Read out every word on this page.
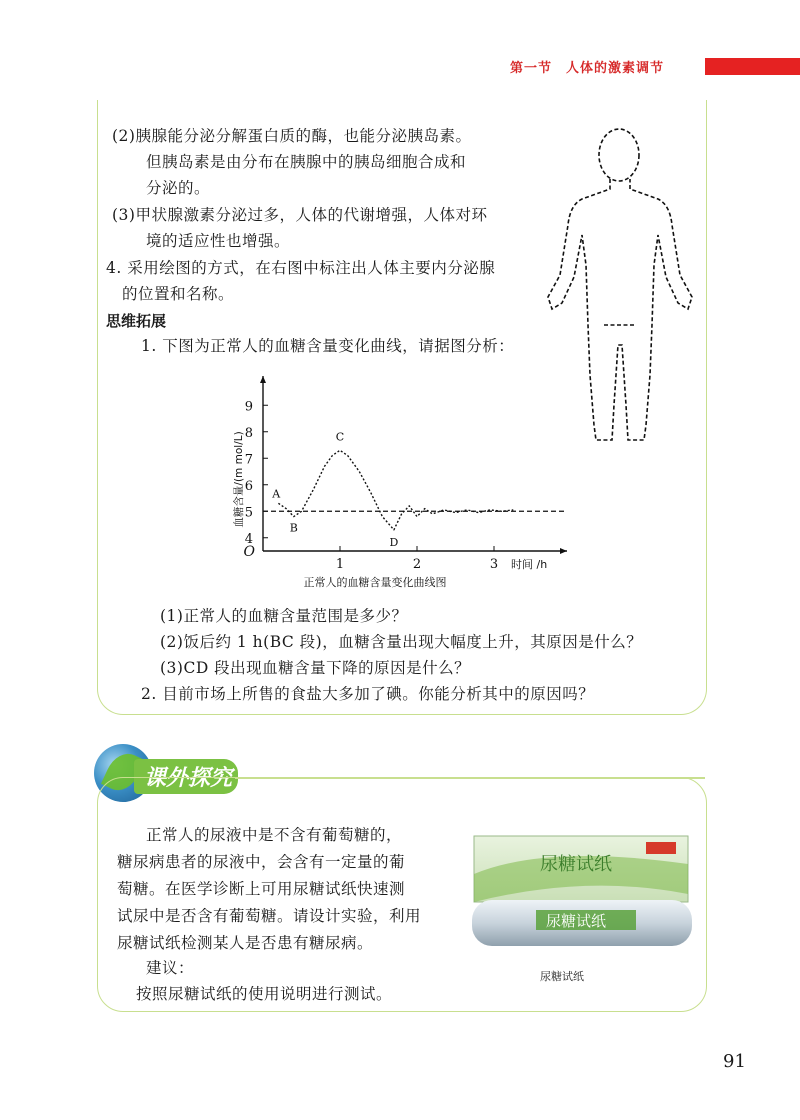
第一节　人体的激素调节
(2)胰腺能分泌分解蛋白质的酶，也能分泌胰岛素。
但胰岛素是由分布在胰腺中的胰岛细胞合成和
分泌的。
(3)甲状腺激素分泌过多，人体的代谢增强，人体对环
境的适应性也增强。
4. 采用绘图的方式，在右图中标注出人体主要内分泌腺
的位置和名称。
思维拓展
1. 下图为正常人的血糖含量变化曲线，请据图分析：
4
5
6
7
8
9
1	2	3
O
时间 /h
血糖含量/(m mol/L) A
B
C
D
正常人的血糖含量变化曲线图
(1)正常人的血糖含量范围是多少？
(2)饭后约 1 h(BC 段)，血糖含量出现大幅度上升，其原因是什么？
(3)CD 段出现血糖含量下降的原因是什么？
2. 目前市场上所售的食盐大多加了碘。你能分析其中的原因吗？
课外探究
正常人的尿液中是不含有葡萄糖的，
糖尿病患者的尿液中，会含有一定量的葡
萄糖。在医学诊断上可用尿糖试纸快速测
试尿中是否含有葡萄糖。请设计实验，利用
尿糖试纸检测某人是否患有糖尿病。
建议：
按照尿糖试纸的使用说明进行测试。
尿糖试纸
尿糖试纸
尿糖试纸
91
